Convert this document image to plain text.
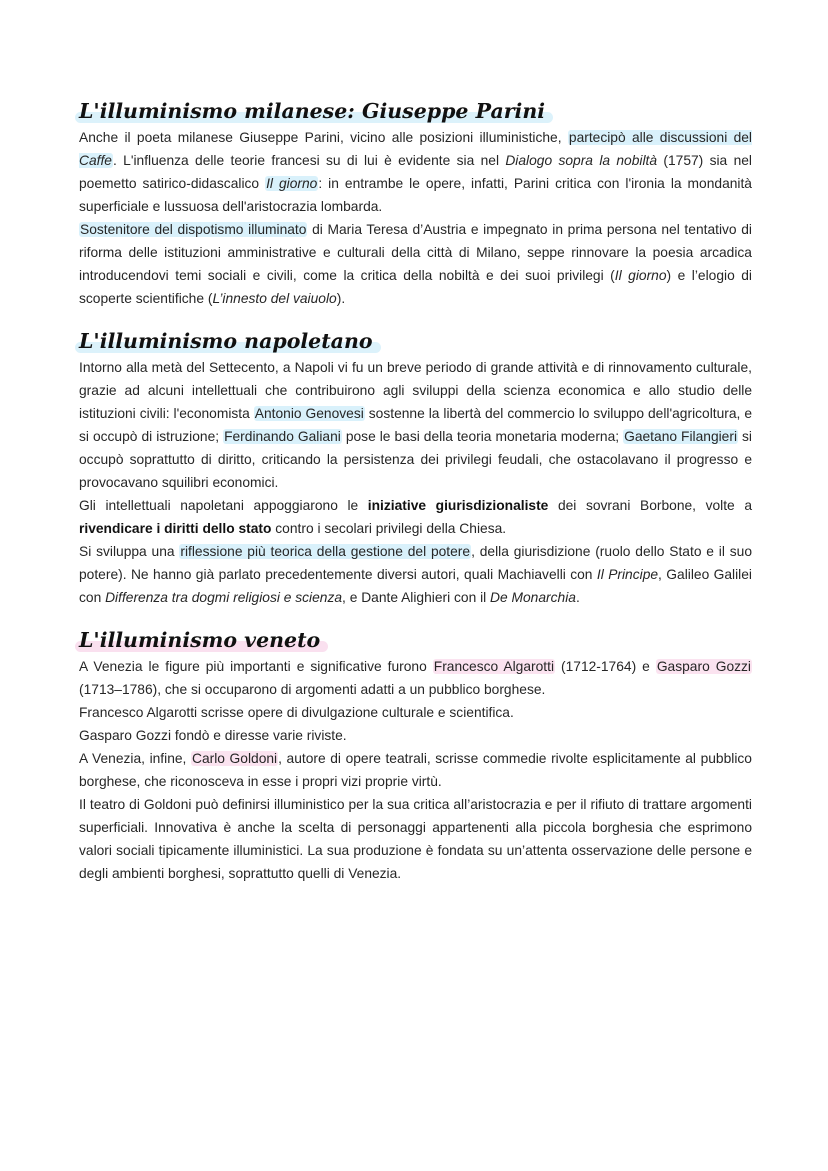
L'illuminismo milanese: Giuseppe Parini

Anche il poeta milanese Giuseppe Parini, vicino alle posizioni illuministiche, partecipò alle discussioni del Caffe. L'influenza delle teorie francesi su di lui è evidente sia nel Dialogo sopra la nobiltà (1757) sia nel poemetto satirico-didascalico Il giorno: in entrambe le opere, infatti, Parini critica con l'ironia la mondanità superficiale e lussuosa dell'aristocrazia lombarda.

Sostenitore del dispotismo illuminato di Maria Teresa d’Austria e impegnato in prima persona nel tentativo di riforma delle istituzioni amministrative e culturali della città di Milano, seppe rinnovare la poesia arcadica introducendovi temi sociali e civili, come la critica della nobiltà e dei suoi privilegi (Il giorno) e l’elogio di scoperte scientifiche (L’innesto del vaiuolo).

L'illuminismo napoletano

Intorno alla metà del Settecento, a Napoli vi fu un breve periodo di grande attività e di rinnovamento culturale, grazie ad alcuni intellettuali che contribuirono agli sviluppi della scienza economica e allo studio delle istituzioni civili: l'economista Antonio Genovesi sostenne la libertà del commercio lo sviluppo dell'agricoltura, e si occupò di istruzione; Ferdinando Galiani pose le basi della teoria monetaria moderna; Gaetano Filangieri si occupò soprattutto di diritto, criticando la persistenza dei privilegi feudali, che ostacolavano il progresso e provocavano squilibri economici.

Gli intellettuali napoletani appoggiarono le iniziative giurisdizionaliste dei sovrani Borbone, volte a rivendicare i diritti dello stato contro i secolari privilegi della Chiesa.

Si sviluppa una riflessione più teorica della gestione del potere, della giurisdizione (ruolo dello Stato e il suo potere). Ne hanno già parlato precedentemente diversi autori, quali Machiavelli con Il Principe, Galileo Galilei con Differenza tra dogmi religiosi e scienza, e Dante Alighieri con il De Monarchia.

L'illuminismo veneto

A Venezia le figure più importanti e significative furono Francesco Algarotti (1712-1764) e Gasparo Gozzi (1713–1786), che si occuparono di argomenti adatti a un pubblico borghese.

Francesco Algarotti scrisse opere di divulgazione culturale e scientifica.

Gasparo Gozzi fondò e diresse varie riviste.

A Venezia, infine, Carlo Goldoni, autore di opere teatrali, scrisse commedie rivolte esplicitamente al pubblico borghese, che riconosceva in esse i propri vizi proprie virtù.

Il teatro di Goldoni può definirsi illuministico per la sua critica all’aristocrazia e per il rifiuto di trattare argomenti superficiali. Innovativa è anche la scelta di personaggi appartenenti alla piccola borghesia che esprimono valori sociali tipicamente illuministici. La sua produzione è fondata su un’attenta osservazione delle persone e degli ambienti borghesi, soprattutto quelli di Venezia.
